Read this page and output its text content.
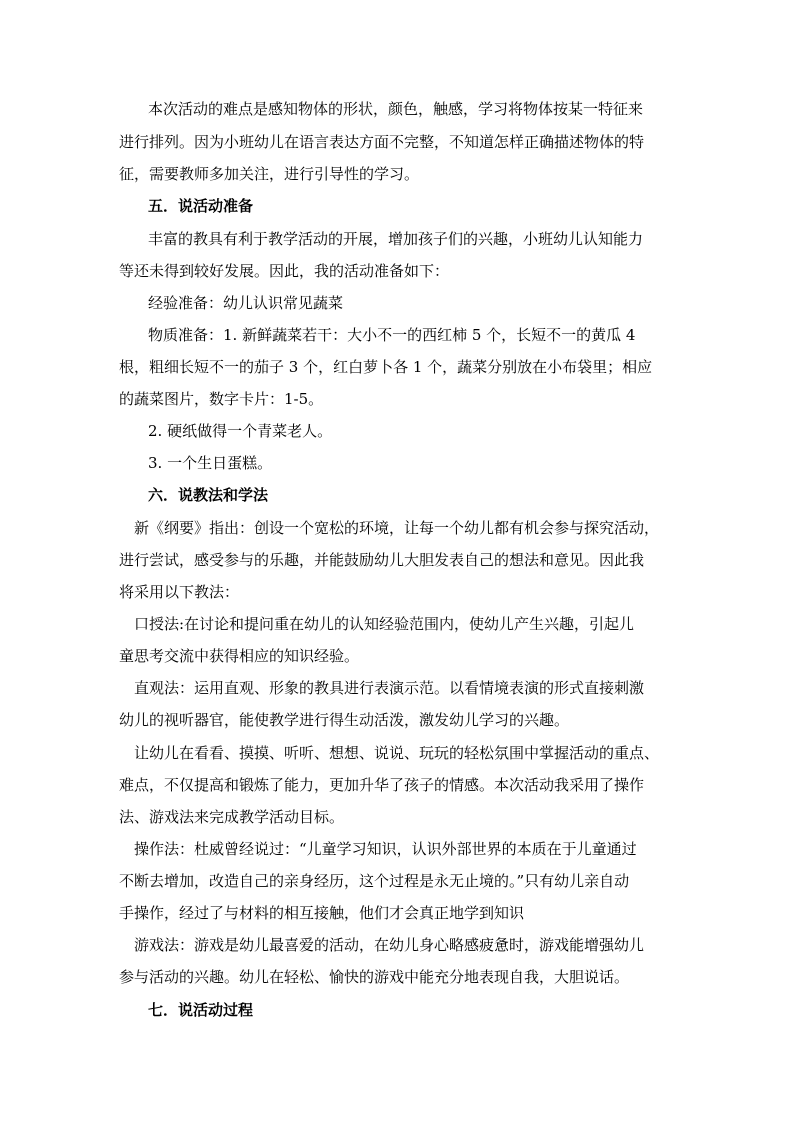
本次活动的难点是感知物体的形状，颜色，触感，学习将物体按某一特征来
进行排列。因为小班幼儿在语言表达方面不完整，不知道怎样正确描述物体的特
征，需要教师多加关注，进行引导性的学习。
五．说活动准备
丰富的教具有利于教学活动的开展，增加孩子们的兴趣，小班幼儿认知能力
等还未得到较好发展。因此，我的活动准备如下：
经验准备：幼儿认识常见蔬菜
物质准备：1. 新鲜蔬菜若干：大小不一的西红柿 5 个，长短不一的黄瓜 4
根，粗细长短不一的茄子 3 个，红白萝卜各 1 个，蔬菜分别放在小布袋里；相应
的蔬菜图片，数字卡片：1-5。
2. 硬纸做得一个青菜老人。
3. 一个生日蛋糕。
六．说教法和学法
新《纲要》指出：创设一个宽松的环境，让每一个幼儿都有机会参与探究活动，
进行尝试，感受参与的乐趣，并能鼓励幼儿大胆发表自己的想法和意见。因此我
将采用以下教法：
口授法:在讨论和提问重在幼儿的认知经验范围内，使幼儿产生兴趣，引起儿
童思考交流中获得相应的知识经验。
直观法：运用直观、形象的教具进行表演示范。以看情境表演的形式直接刺激
幼儿的视听器官，能使教学进行得生动活泼，激发幼儿学习的兴趣。
让幼儿在看看、摸摸、听听、想想、说说、玩玩的轻松氛围中掌握活动的重点、
难点，不仅提高和锻炼了能力，更加升华了孩子的情感。本次活动我采用了操作
法、游戏法来完成教学活动目标。
操作法：杜威曾经说过：“儿童学习知识，认识外部世界的本质在于儿童通过
不断去增加，改造自己的亲身经历，这个过程是永无止境的。”只有幼儿亲自动
手操作，经过了与材料的相互接触，他们才会真正地学到知识
游戏法：游戏是幼儿最喜爱的活动，在幼儿身心略感疲惫时，游戏能增强幼儿
参与活动的兴趣。幼儿在轻松、愉快的游戏中能充分地表现自我，大胆说话。
七．说活动过程
